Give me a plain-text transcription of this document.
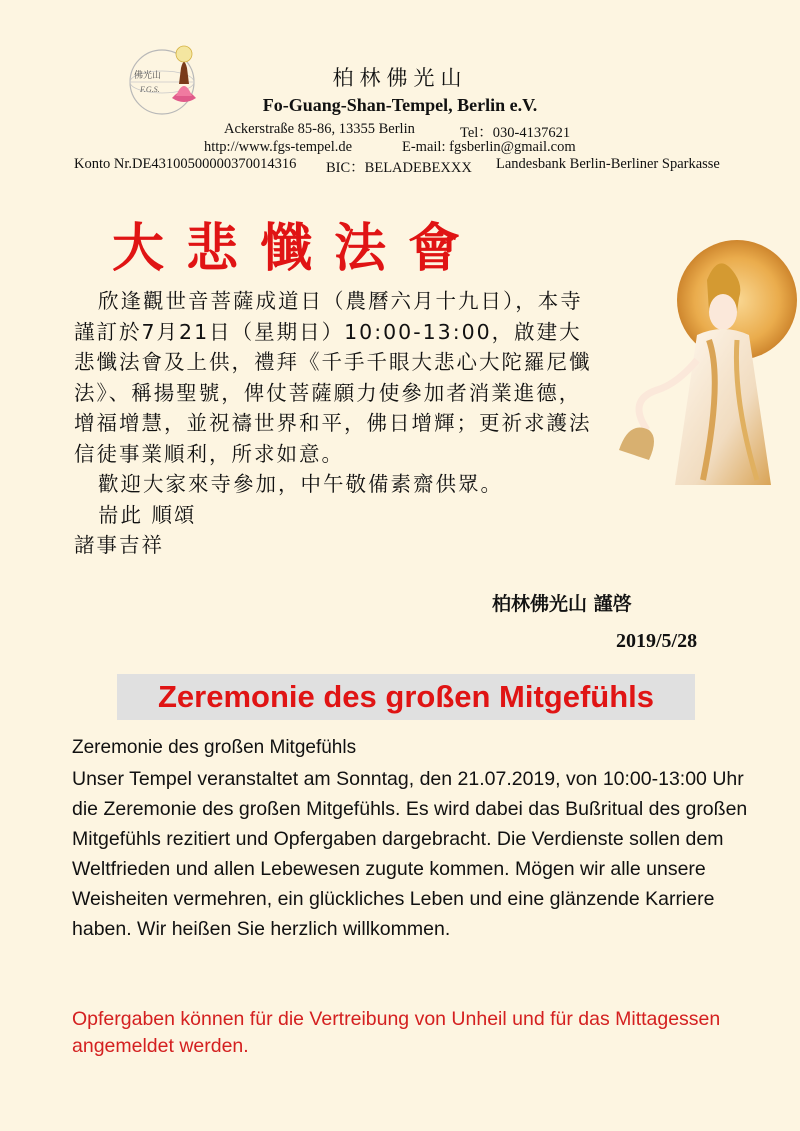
佛光山
F.G.S.	柏林佛光山
Fo-Guang-Shan-Tempel, Berlin e.V.
Ackerstraße 85-86, 13355 Berlin	Tel：030-4137621
http://www.fgs-tempel.de	E-mail: fgsberlin@gmail.com
Konto Nr.DE43100500000370014316 BIC：BELADEBEXXX Landesbank Berlin-Berliner Sparkasse
大悲懺法會

欣逢觀世音菩薩成道日（農曆六月十九日），本寺謹訂於7月21日（星期日）10:00-13:00，啟建大悲懺法會及上供，禮拜《千手千眼大悲心大陀羅尼懺法》、稱揚聖號，俾仗菩薩願力使參加者消業進德，增福增慧，並祝禱世界和平，佛日增輝；更祈求護法信徒事業順利，所求如意。

歡迎大家來寺參加，中午敬備素齋供眾。

耑此 順頌

諸事吉祥

柏林佛光山 謹啓
2019/5/28
Zeremonie des großen Mitgefühls
Zeremonie des großen Mitgefühls
Unser Tempel veranstaltet am Sonntag, den 21.07.2019, von 10:00-13:00 Uhr die Zeremonie des großen Mitgefühls. Es wird dabei das Bußritual des großen Mitgefühls rezitiert und Opfergaben dargebracht. Die Verdienste sollen dem Weltfrieden und allen Lebewesen zugute kommen. Mögen wir alle unsere Weisheiten vermehren, ein glückliches Leben und eine glänzende Karriere haben. Wir heißen Sie herzlich willkommen.
Opfergaben können für die Vertreibung von Unheil und für das Mittagessen angemeldet werden.
